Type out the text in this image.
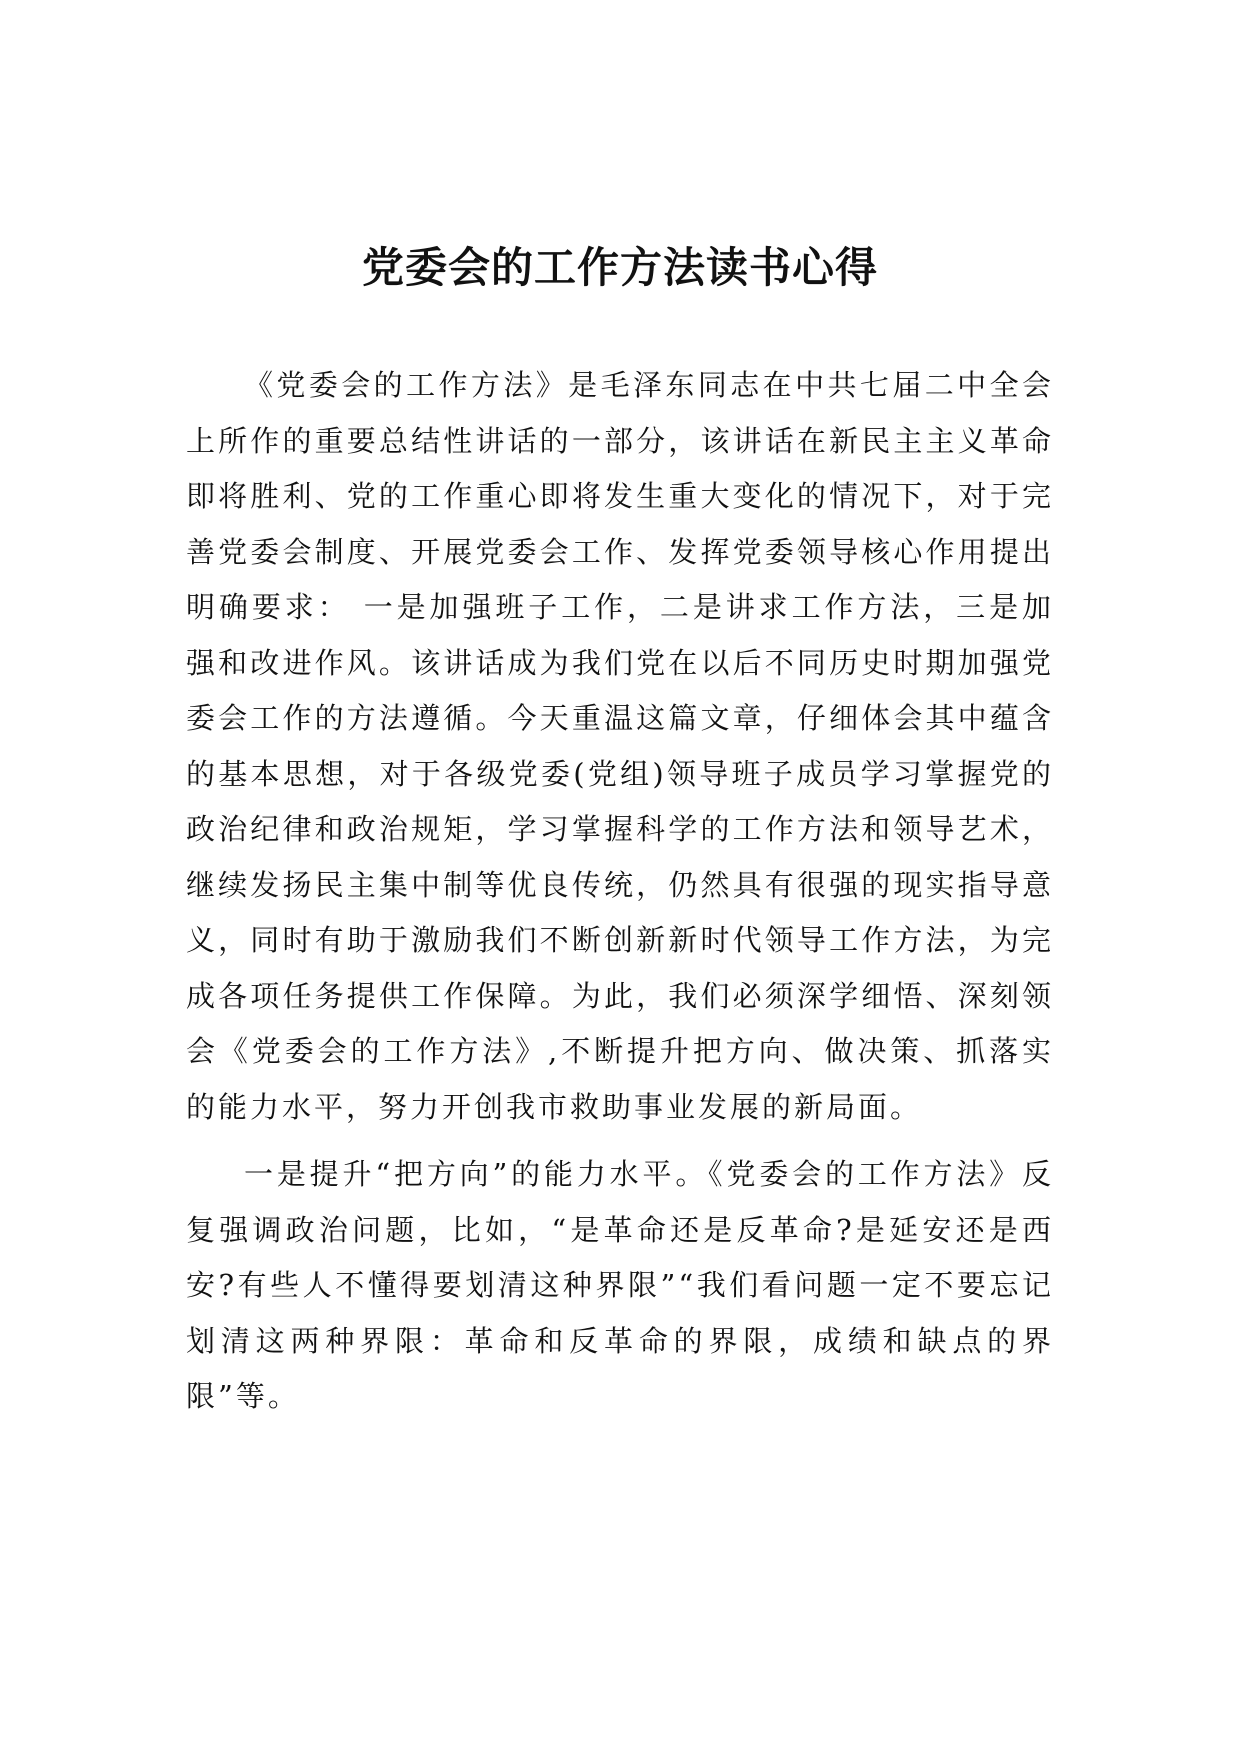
党委会的工作方法读书心得

《党委会的工作方法》是毛泽东同志在中共七届二中全会上所作的重要总结性讲话的一部分，该讲话在新民主主义革命即将胜利、党的工作重心即将发生重大变化的情况下，对于完善党委会制度、开展党委会工作、发挥党委领导核心作用提出明确要求： 一是加强班子工作，二是讲求工作方法，三是加强和改进作风。该讲话成为我们党在以后不同历史时期加强党委会工作的方法遵循。今天重温这篇文章，仔细体会其中蕴含的基本思想，对于各级党委(党组)领导班子成员学习掌握党的政治纪律和政治规矩，学习掌握科学的工作方法和领导艺术，继续发扬民主集中制等优良传统，仍然具有很强的现实指导意义，同时有助于激励我们不断创新新时代领导工作方法，为完成各项任务提供工作保障。为此，我们必须深学细悟、深刻领会《党委会的工作方法》,不断提升把方向、做决策、抓落实的能力水平，努力开创我市救助事业发展的新局面。

一是提升“把方向”的能力水平。《党委会的工作方法》反复强调政治问题，比如，“是革命还是反革命?是延安还是西安?有些人不懂得要划清这种界限”“我们看问题一定不要忘记划清这两种界限：革命和反革命的界限，成绩和缺点的界限”等。
